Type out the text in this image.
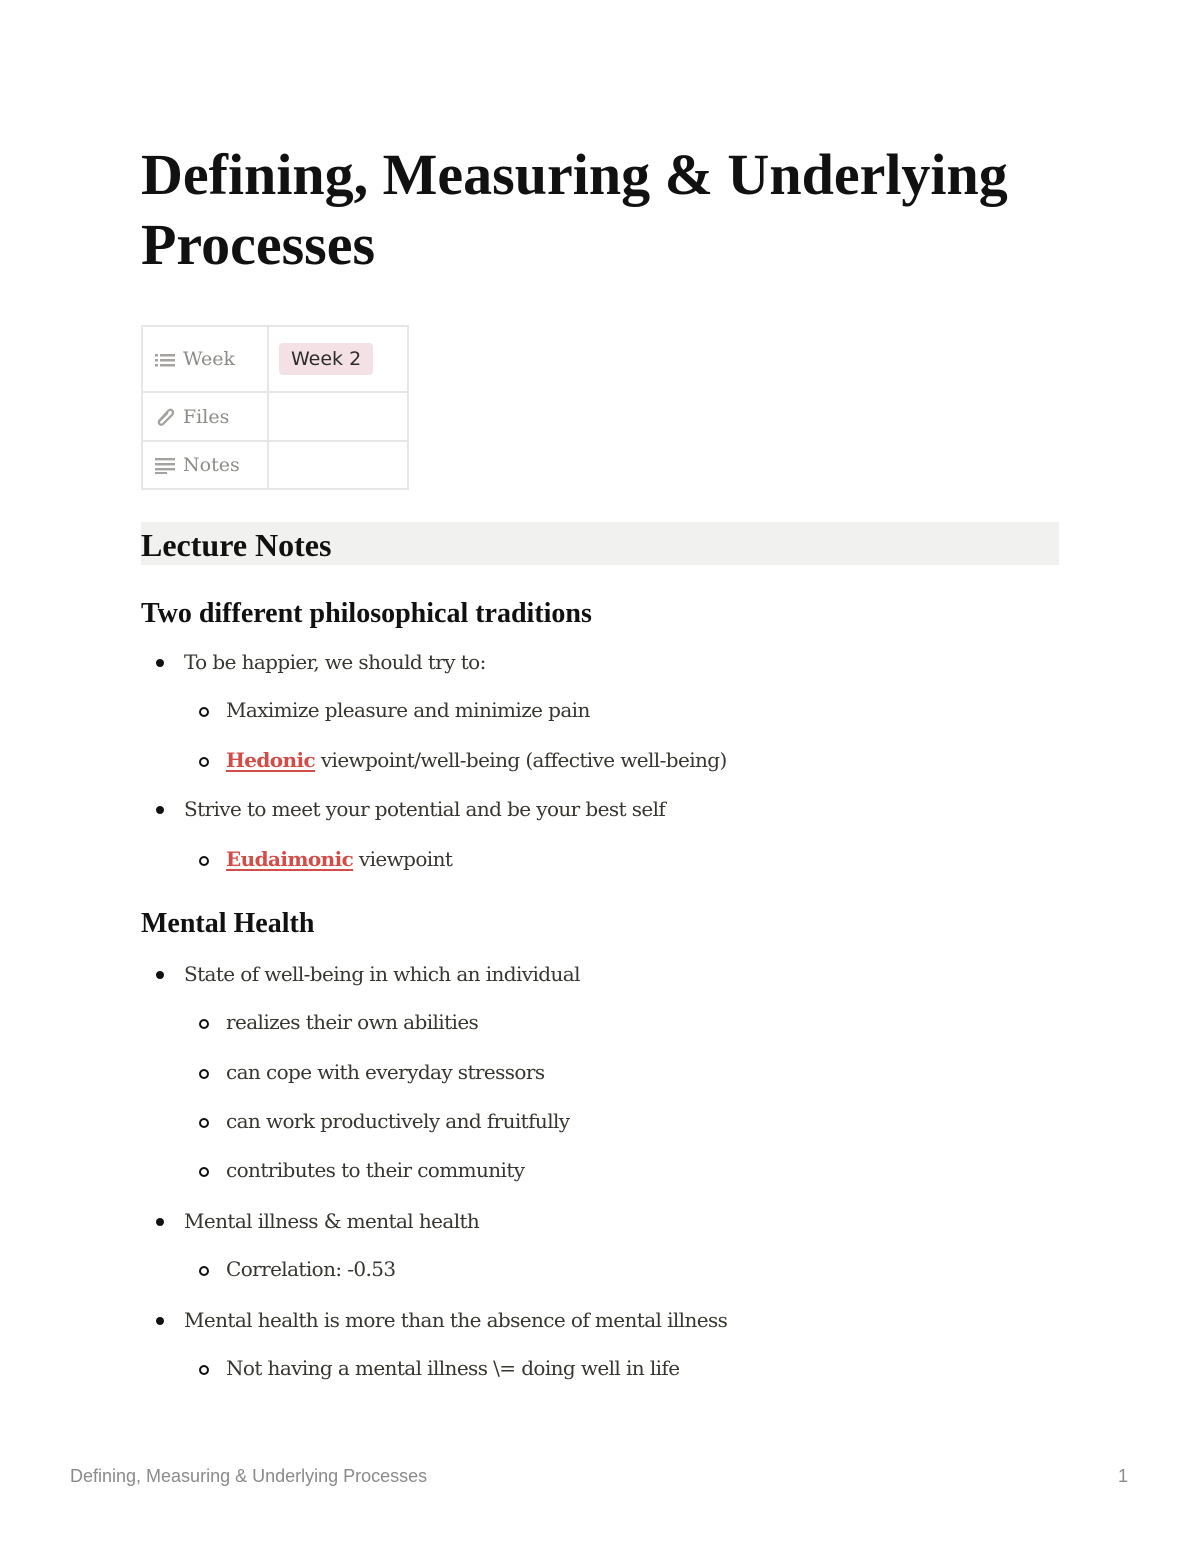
Defining, Measuring & Underlying Processes
Week	Week 2
Files	
Notes	
Lecture Notes
Two different philosophical traditions

To be happier, we should try to:

Maximize pleasure and minimize pain

Hedonic viewpoint/well-being (affective well-being)

Strive to meet your potential and be your best self

Eudaimonic viewpoint

Mental Health

State of well-being in which an individual

realizes their own abilities

can cope with everyday stressors

can work productively and fruitfully

contributes to their community

Mental illness & mental health

Correlation: -0.53

Mental health is more than the absence of mental illness

Not having a mental illness \= doing well in life

Defining, Measuring & Underlying Processes	1
